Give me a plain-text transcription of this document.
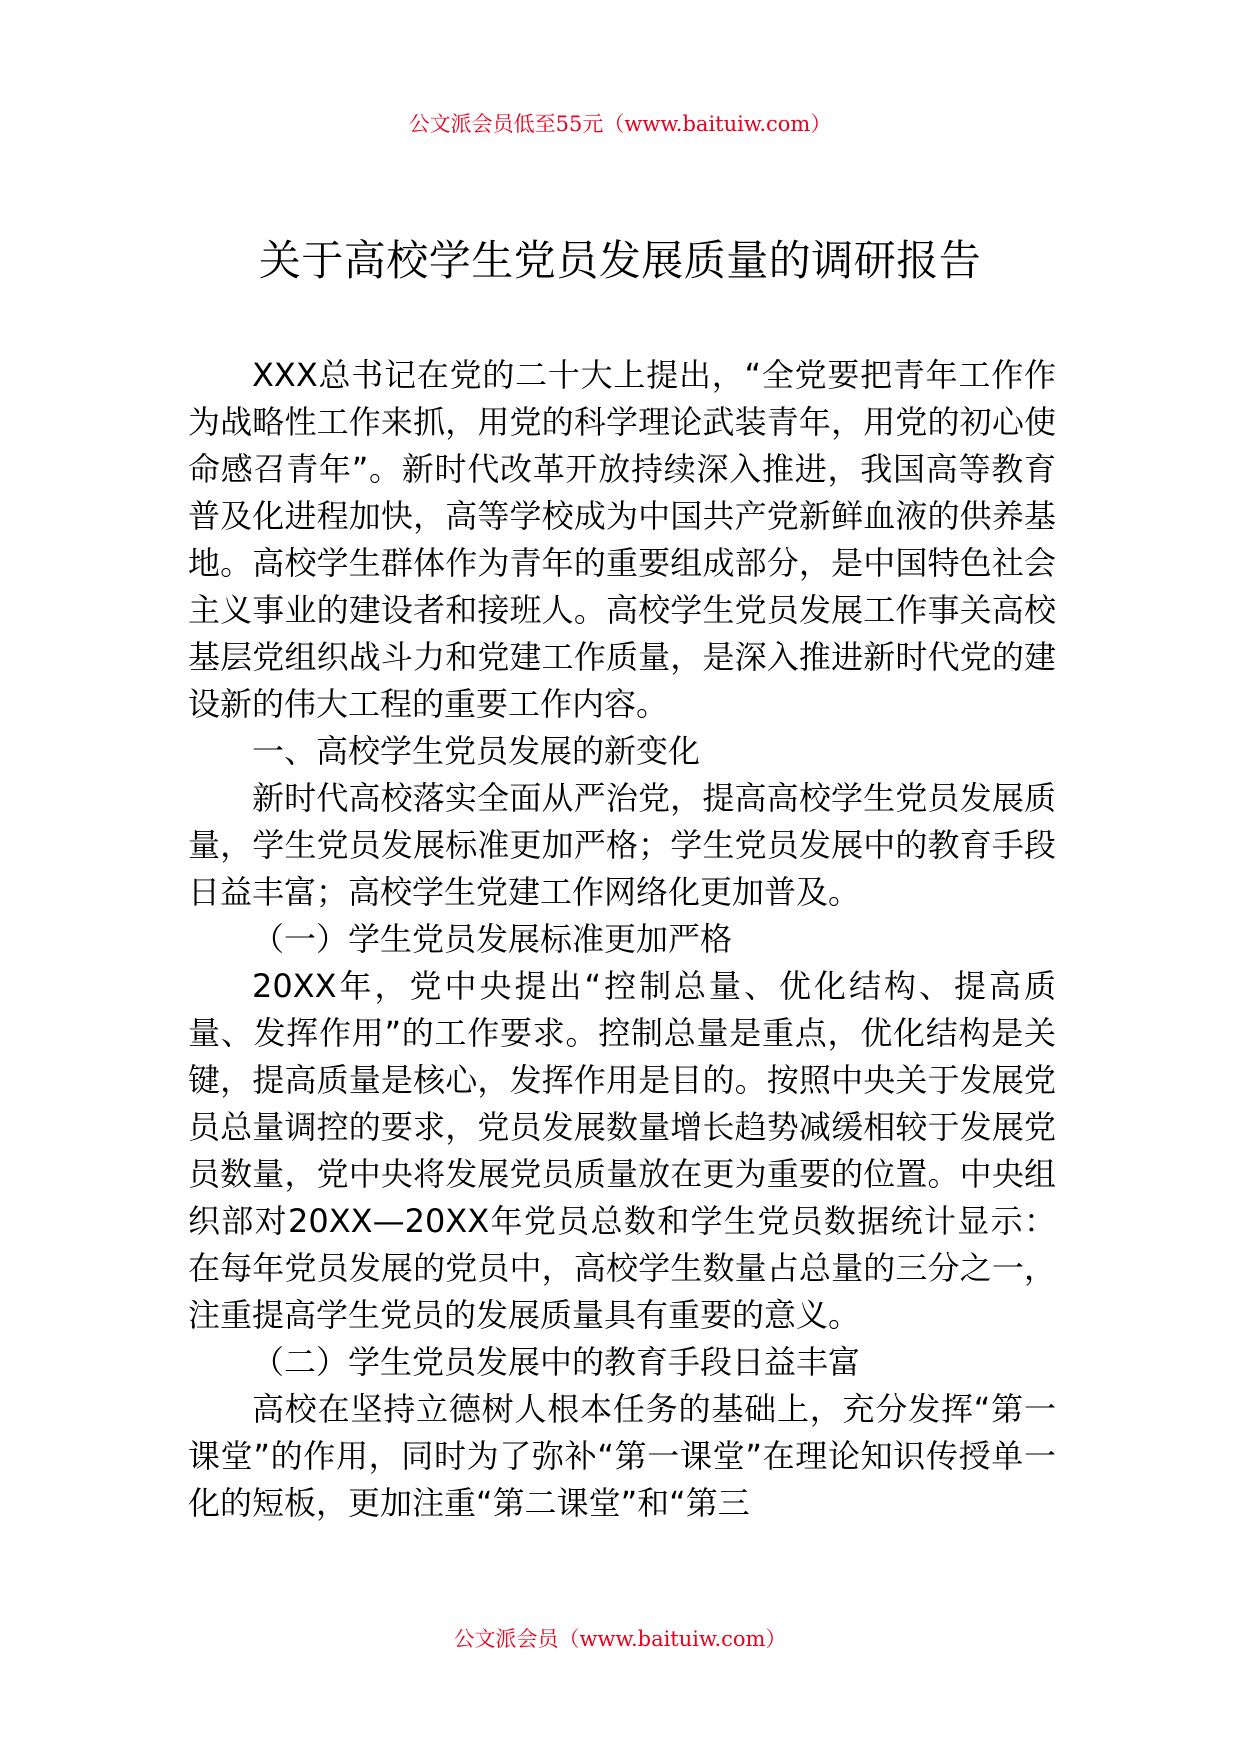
公文派会员低至55元（www.baituiw.com）
关于高校学生党员发展质量的调研报告

XXX总书记在党的二十大上提出，“全党要把青年工作作为战略性工作来抓，用党的科学理论武装青年，用党的初心使命感召青年”。新时代改革开放持续深入推进，我国高等教育普及化进程加快，高等学校成为中国共产党新鲜血液的供养基地。高校学生群体作为青年的重要组成部分，是中国特色社会主义事业的建设者和接班人。高校学生党员发展工作事关高校基层党组织战斗力和党建工作质量，是深入推进新时代党的建设新的伟大工程的重要工作内容。

一、高校学生党员发展的新变化

新时代高校落实全面从严治党，提高高校学生党员发展质量，学生党员发展标准更加严格；学生党员发展中的教育手段日益丰富；高校学生党建工作网络化更加普及。

（一）学生党员发展标准更加严格

20XX年，党中央提出“控制总量、优化结构、提高质量、发挥作用”的工作要求。控制总量是重点，优化结构是关键，提高质量是核心，发挥作用是目的。按照中央关于发展党员总量调控的要求，党员发展数量增长趋势减缓相较于发展党员数量，党中央将发展党员质量放在更为重要的位置。中央组织部对20XX—20XX年党员总数和学生党员数据统计显示：在每年党员发展的党员中，高校学生数量占总量的三分之一，注重提高学生党员的发展质量具有重要的意义。

（二）学生党员发展中的教育手段日益丰富

高校在坚持立德树人根本任务的基础上，充分发挥“第一课堂”的作用，同时为了弥补“第一课堂”在理论知识传授单一化的短板，更加注重“第二课堂”和“第三

公文派会员（www.baituiw.com）
